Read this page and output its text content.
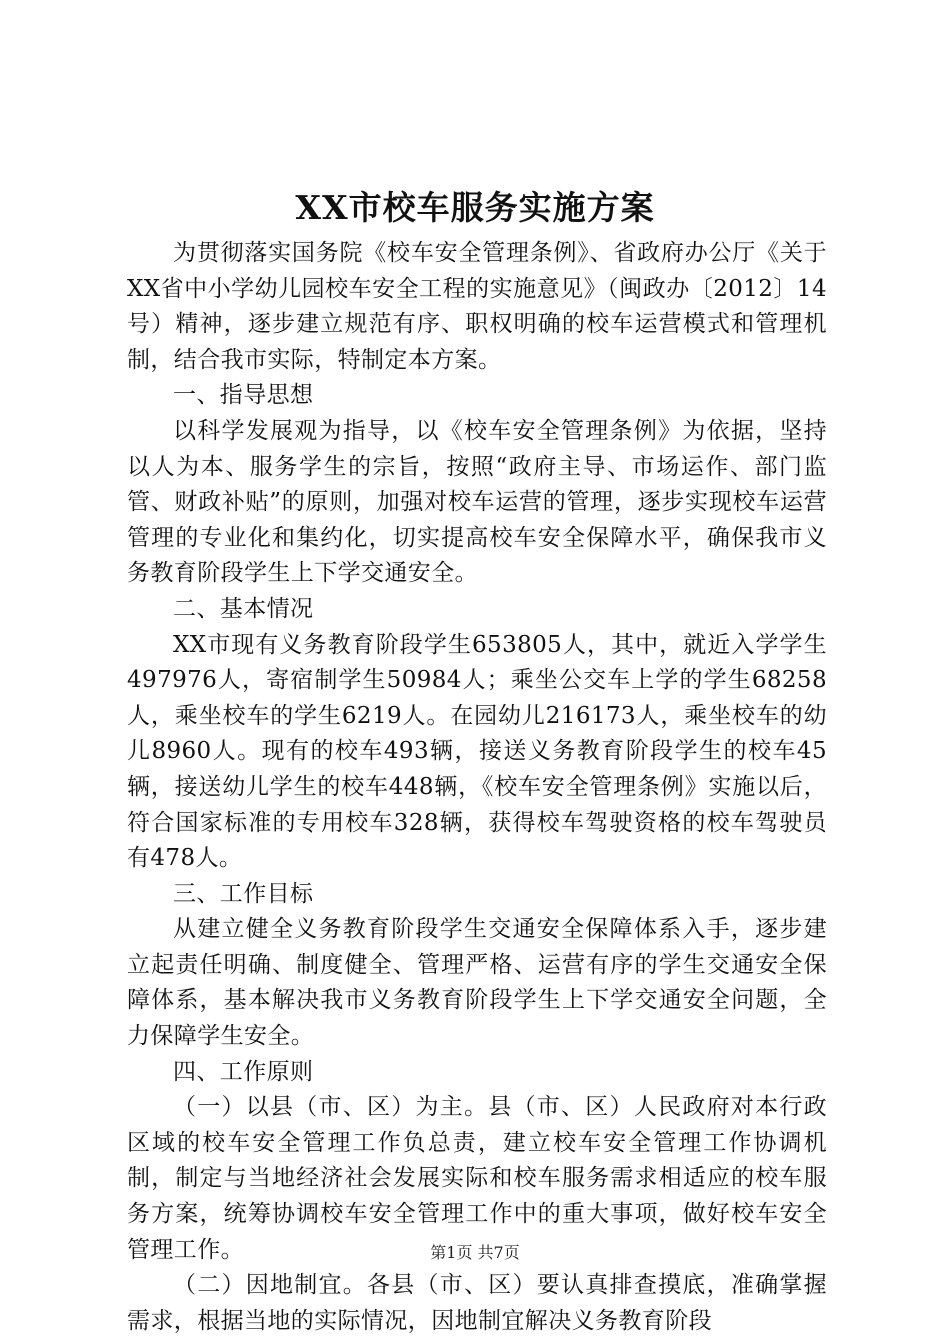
XX市校车服务实施方案

为贯彻落实国务院《校车安全管理条例》、省政府办公厅《关于XX省中小学幼儿园校车安全工程的实施意见》（闽政办〔2012〕14号）精神，逐步建立规范有序、职权明确的校车运营模式和管理机制，结合我市实际，特制定本方案。

一、指导思想

以科学发展观为指导，以《校车安全管理条例》为依据，坚持以人为本、服务学生的宗旨，按照“政府主导、市场运作、部门监管、财政补贴”的原则，加强对校车运营的管理，逐步实现校车运营管理的专业化和集约化，切实提高校车安全保障水平，确保我市义务教育阶段学生上下学交通安全。

二、基本情况

XX市现有义务教育阶段学生653805人，其中，就近入学学生497976人，寄宿制学生50984人；乘坐公交车上学的学生68258人，乘坐校车的学生6219人。在园幼儿216173人，乘坐校车的幼儿8960人。现有的校车493辆，接送义务教育阶段学生的校车45辆，接送幼儿学生的校车448辆，《校车安全管理条例》实施以后，符合国家标准的专用校车328辆，获得校车驾驶资格的校车驾驶员有478人。

三、工作目标

从建立健全义务教育阶段学生交通安全保障体系入手，逐步建立起责任明确、制度健全、管理严格、运营有序的学生交通安全保障体系，基本解决我市义务教育阶段学生上下学交通安全问题，全力保障学生安全。

四、工作原则

（一）以县（市、区）为主。县（市、区）人民政府对本行政区域的校车安全管理工作负总责，建立校车安全管理工作协调机制，制定与当地经济社会发展实际和校车服务需求相适应的校车服务方案，统筹协调校车安全管理工作中的重大事项，做好校车安全管理工作。

（二）因地制宜。各县（市、区）要认真排查摸底，准确掌握需求，根据当地的实际情况，因地制宜解决义务教育阶段

第1页 共7页
